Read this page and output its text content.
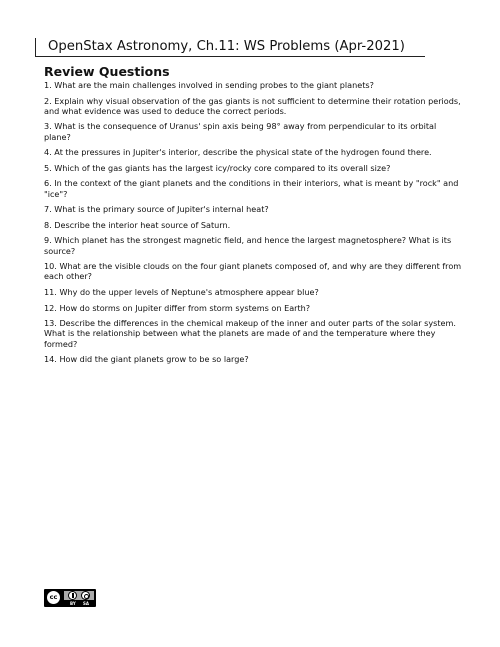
OpenStax Astronomy, Ch.11: WS Problems (Apr-2021)
Review Questions
1. What are the main challenges involved in sending probes to the giant planets?
2. Explain why visual observation of the gas giants is not sufficient to determine their rotation periods, and what evidence was used to deduce the correct periods.
3. What is the consequence of Uranus' spin axis being 98° away from perpendicular to its orbital plane?
4. At the pressures in Jupiter's interior, describe the physical state of the hydrogen found there.
5. Which of the gas giants has the largest icy/rocky core compared to its overall size?
6. In the context of the giant planets and the conditions in their interiors, what is meant by "rock" and "ice"?
7. What is the primary source of Jupiter's internal heat?
8. Describe the interior heat source of Saturn.
9. Which planet has the strongest magnetic field, and hence the largest magnetosphere? What is its source?
10. What are the visible clouds on the four giant planets composed of, and why are they different from each other?
11. Why do the upper levels of Neptune's atmosphere appear blue?
12. How do storms on Jupiter differ from storm systems on Earth?
13. Describe the differences in the chemical makeup of the inner and outer parts of the solar system. What is the relationship between what the planets are made of and the temperature where they formed?
14. How did the giant planets grow to be so large?
cc
BY SA
